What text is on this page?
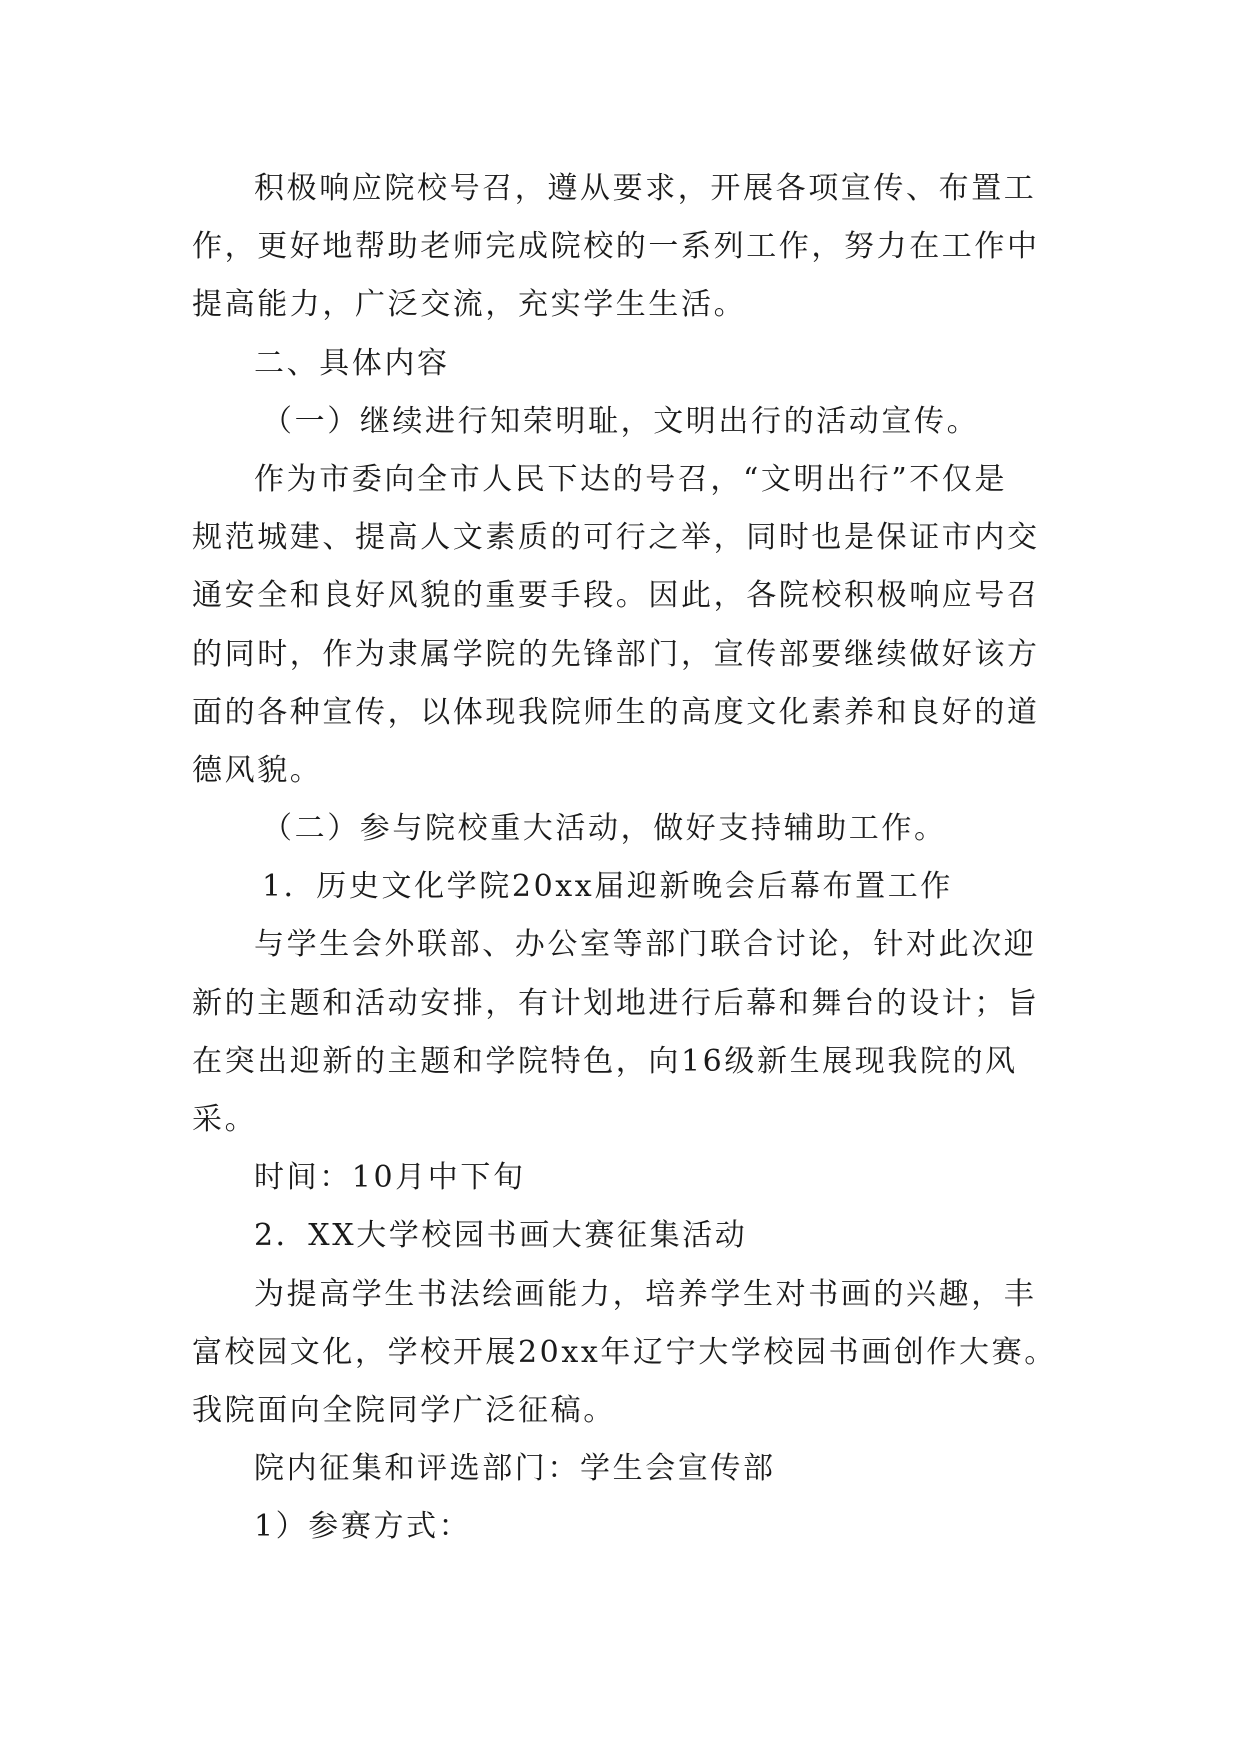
积极响应院校号召，遵从要求，开展各项宣传、布置工
作，更好地帮助老师完成院校的一系列工作，努力在工作中
提高能力，广泛交流，充实学生生活。
二、具体内容
（一）继续进行知荣明耻，文明出行的活动宣传。
作为市委向全市人民下达的号召，“文明出行”不仅是
规范城建、提高人文素质的可行之举，同时也是保证市内交
通安全和良好风貌的重要手段。因此，各院校积极响应号召
的同时，作为隶属学院的先锋部门，宣传部要继续做好该方
面的各种宣传，以体现我院师生的高度文化素养和良好的道
德风貌。
（二）参与院校重大活动，做好支持辅助工作。
1．历史文化学院20xx届迎新晚会后幕布置工作
与学生会外联部、办公室等部门联合讨论，针对此次迎
新的主题和活动安排，有计划地进行后幕和舞台的设计；旨
在突出迎新的主题和学院特色，向16级新生展现我院的风
采。
时间：10月中下旬
2．XX大学校园书画大赛征集活动
为提高学生书法绘画能力，培养学生对书画的兴趣，丰
富校园文化，学校开展20xx年辽宁大学校园书画创作大赛。
我院面向全院同学广泛征稿。
院内征集和评选部门：学生会宣传部
1）参赛方式：
